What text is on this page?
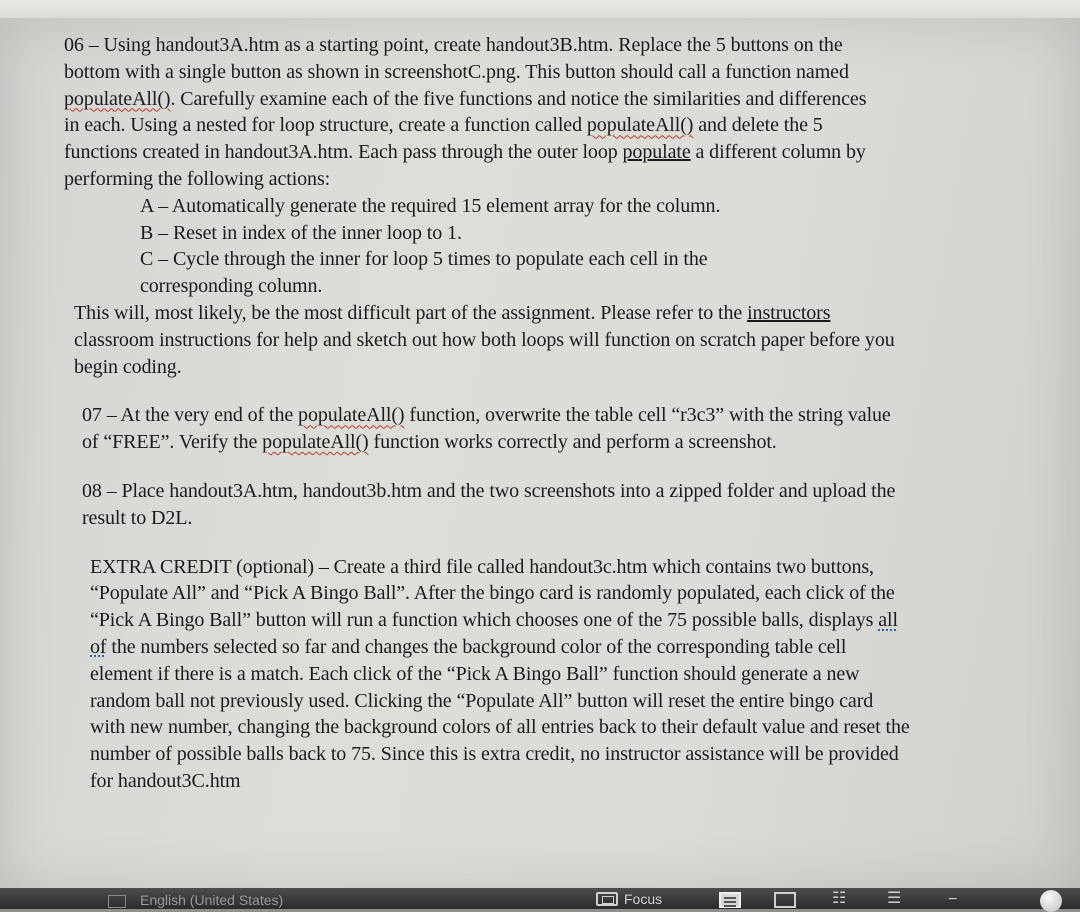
06 – Using handout3A.htm as a starting point, create handout3B.htm. Replace the 5 buttons on the
bottom with a single button as shown in screenshotC.png. This button should call a function named
populateAll(). Carefully examine each of the five functions and notice the similarities and differences
in each. Using a nested for loop structure, create a function called populateAll() and delete the 5
functions created in handout3A.htm. Each pass through the outer loop populate a different column by
performing the following actions:
A – Automatically generate the required 15 element array for the column.
B – Reset in index of the inner loop to 1.
C – Cycle through the inner for loop 5 times to populate each cell in the
corresponding column.
This will, most likely, be the most difficult part of the assignment. Please refer to the instructors
classroom instructions for help and sketch out how both loops will function on scratch paper before you
begin coding.
07 – At the very end of the populateAll() function, overwrite the table cell “r3c3” with the string value
of “FREE”. Verify the populateAll() function works correctly and perform a screenshot.
08 – Place handout3A.htm, handout3b.htm and the two screenshots into a zipped folder and upload the
result to D2L.
EXTRA CREDIT (optional) – Create a third file called handout3c.htm which contains two buttons,
“Populate All” and “Pick A Bingo Ball”. After the bingo card is randomly populated, each click of the
“Pick A Bingo Ball” button will run a function which chooses one of the 75 possible balls, displays all
of the numbers selected so far and changes the background color of the corresponding table cell
element if there is a match. Each click of the “Pick A Bingo Ball” function should generate a new
random ball not previously used. Clicking the “Populate All” button will reset the entire bingo card
with new number, changing the background colors of all entries back to their default value and reset the
number of possible balls back to 75. Since this is extra credit, no instructor assistance will be provided
for handout3C.htm
English (United States)	Focus	☷	☰	−
